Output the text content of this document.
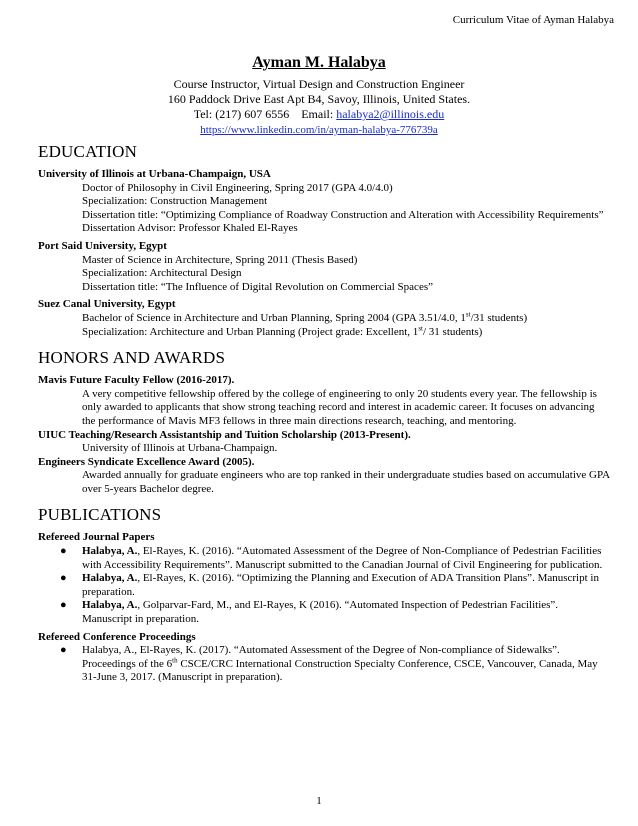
Curriculum Vitae of Ayman Halabya
Ayman M. Halabya
Course Instructor, Virtual Design and Construction Engineer
160 Paddock Drive East Apt B4, Savoy, Illinois, United States.
Tel: (217) 607 6556 Email: halabya2@illinois.edu
https://www.linkedin.com/in/ayman-halabya-776739a
EDUCATION
University of Illinois at Urbana-Champaign, USA
Doctor of Philosophy in Civil Engineering, Spring 2017 (GPA 4.0/4.0)
Specialization: Construction Management
Dissertation title: “Optimizing Compliance of Roadway Construction and Alteration with Accessibility Requirements”
Dissertation Advisor: Professor Khaled El-Rayes
Port Said University, Egypt
Master of Science in Architecture, Spring 2011 (Thesis Based)
Specialization: Architectural Design
Dissertation title: “The Influence of Digital Revolution on Commercial Spaces”
Suez Canal University, Egypt
Bachelor of Science in Architecture and Urban Planning, Spring 2004 (GPA 3.51/4.0, 1st/31 students)
Specialization: Architecture and Urban Planning (Project grade: Excellent, 1st/ 31 students)
HONORS AND AWARDS
Mavis Future Faculty Fellow (2016-2017).
A very competitive fellowship offered by the college of engineering to only 20 students every year. The fellowship is only awarded to applicants that show strong teaching record and interest in academic career. It focuses on advancing the performance of Mavis MF3 fellows in three main directions research, teaching, and mentoring.
UIUC Teaching/Research Assistantship and Tuition Scholarship (2013-Present).
University of Illinois at Urbana-Champaign.
Engineers Syndicate Excellence Award (2005).
Awarded annually for graduate engineers who are top ranked in their undergraduate studies based on accumulative GPA over 5-years Bachelor degree.
PUBLICATIONS
Refereed Journal Papers
● Halabya, A., El-Rayes, K. (2016). “Automated Assessment of the Degree of Non-Compliance of Pedestrian Facilities with Accessibility Requirements”. Manuscript submitted to the Canadian Journal of Civil Engineering for publication.
● Halabya, A., El-Rayes, K. (2016). “Optimizing the Planning and Execution of ADA Transition Plans”. Manuscript in preparation.
● Halabya, A., Golparvar-Fard, M., and El-Rayes, K (2016). “Automated Inspection of Pedestrian Facilities”. Manuscript in preparation.
Refereed Conference Proceedings
● Halabya, A., El-Rayes, K. (2017). “Automated Assessment of the Degree of Non-compliance of Sidewalks”. Proceedings of the 6th CSCE/CRC International Construction Specialty Conference, CSCE, Vancouver, Canada, May 31-June 3, 2017. (Manuscript in preparation).
1
